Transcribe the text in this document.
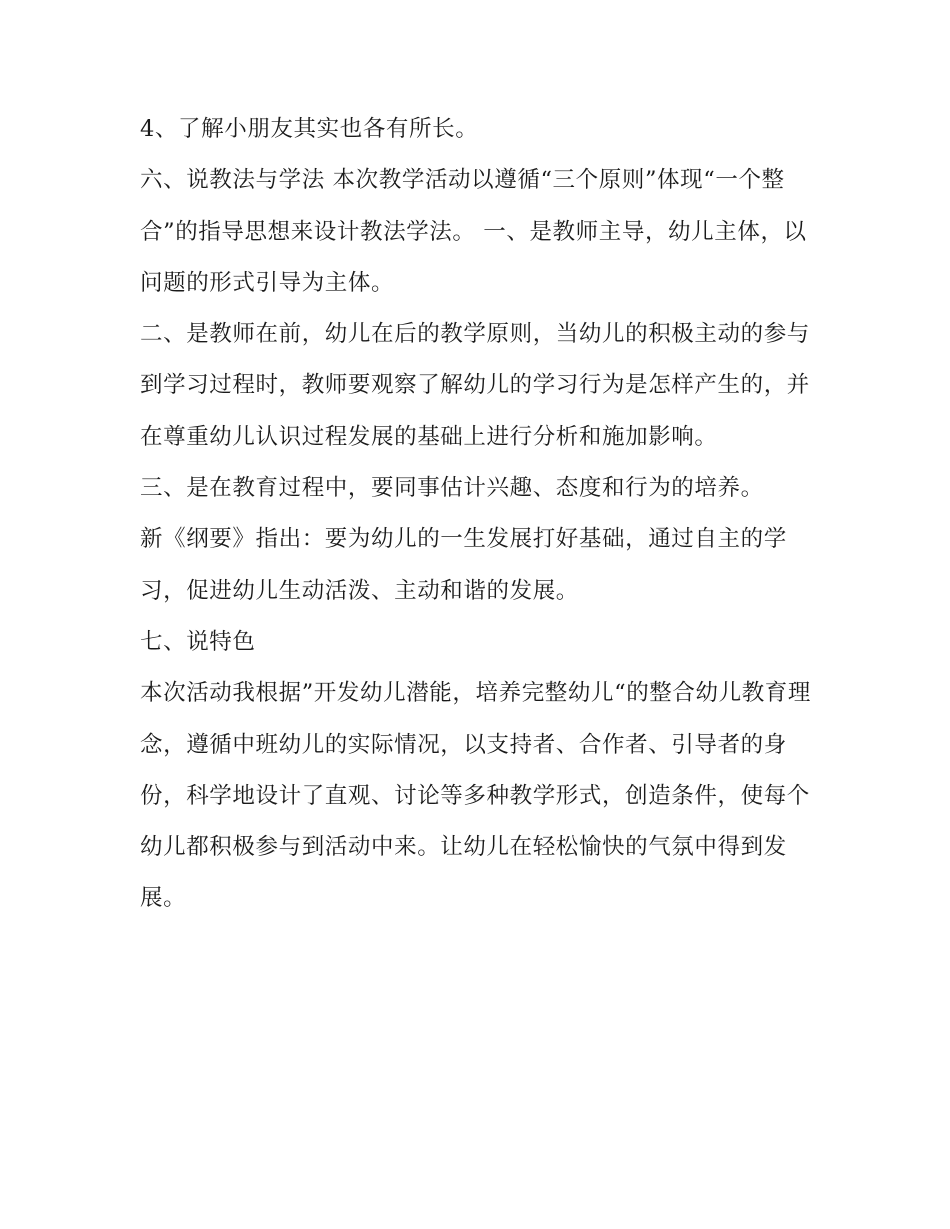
4、了解小朋友其实也各有所长。

六、说教法与学法 本次教学活动以遵循“三个原则”体现“一个整合”的指导思想来设计教法学法。 一、是教师主导，幼儿主体，以问题的形式引导为主体。

二、是教师在前，幼儿在后的教学原则，当幼儿的积极主动的参与到学习过程时，教师要观察了解幼儿的学习行为是怎样产生的，并在尊重幼儿认识过程发展的基础上进行分析和施加影响。

三、是在教育过程中，要同事估计兴趣、态度和行为的培养。

新《纲要》指出：要为幼儿的一生发展打好基础，通过自主的学习，促进幼儿生动活泼、主动和谐的发展。

七、说特色

本次活动我根据”开发幼儿潜能，培养完整幼儿“的整合幼儿教育理念，遵循中班幼儿的实际情况，以支持者、合作者、引导者的身份，科学地设计了直观、讨论等多种教学形式，创造条件，使每个幼儿都积极参与到活动中来。让幼儿在轻松愉快的气氛中得到发展。
